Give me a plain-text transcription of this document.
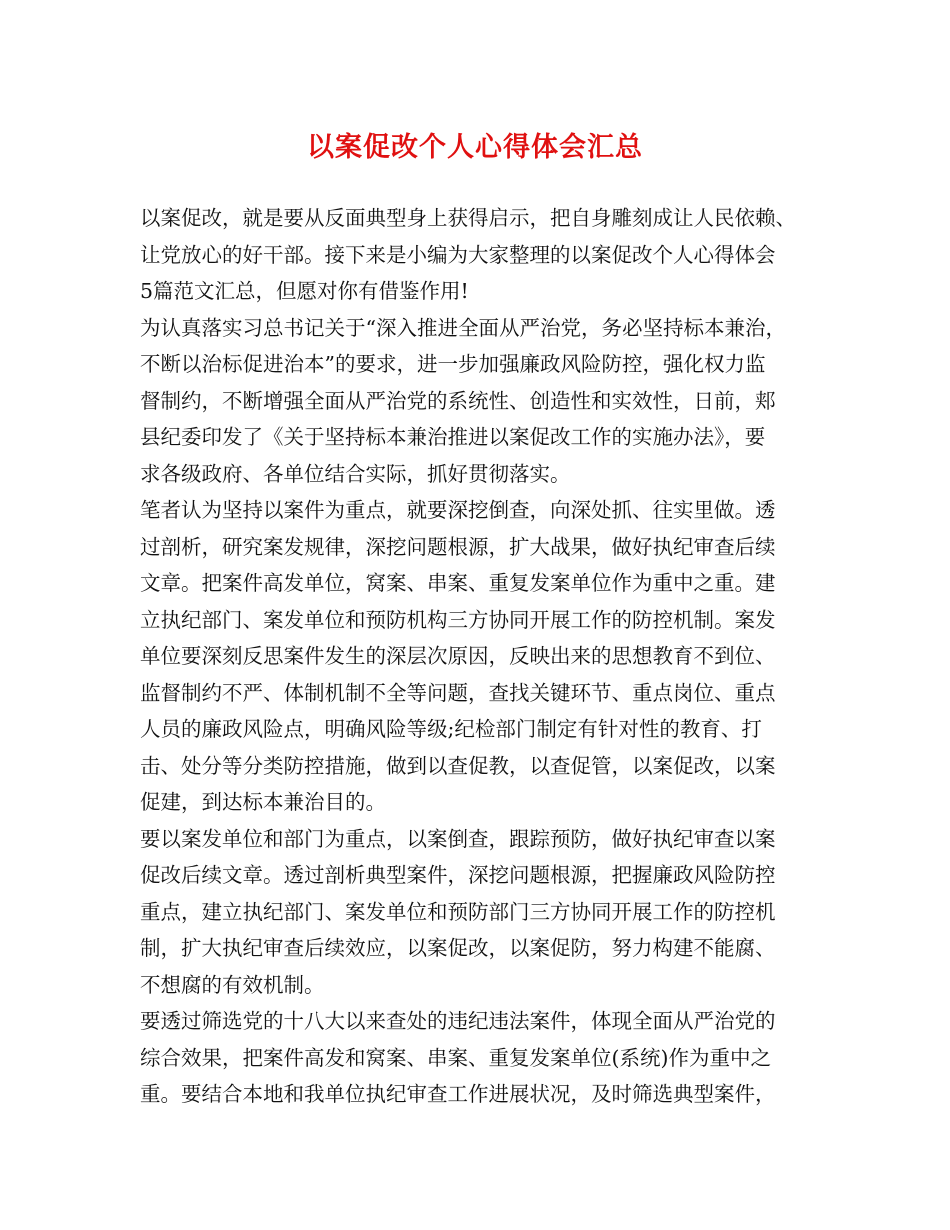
以案促改个人心得体会汇总
以案促改，就是要从反面典型身上获得启示，把自身雕刻成让人民依赖、
让党放心的好干部。接下来是小编为大家整理的以案促改个人心得体会
5篇范文汇总，但愿对你有借鉴作用!
为认真落实习总书记关于“深入推进全面从严治党，务必坚持标本兼治，
不断以治标促进治本”的要求，进一步加强廉政风险防控，强化权力监
督制约，不断增强全面从严治党的系统性、创造性和实效性，日前，郏
县纪委印发了《关于坚持标本兼治推进以案促改工作的实施办法》，要
求各级政府、各单位结合实际，抓好贯彻落实。
笔者认为坚持以案件为重点，就要深挖倒查，向深处抓、往实里做。透
过剖析，研究案发规律，深挖问题根源，扩大战果，做好执纪审查后续
文章。把案件高发单位，窝案、串案、重复发案单位作为重中之重。建
立执纪部门、案发单位和预防机构三方协同开展工作的防控机制。案发
单位要深刻反思案件发生的深层次原因，反映出来的思想教育不到位、
监督制约不严、体制机制不全等问题，查找关键环节、重点岗位、重点
人员的廉政风险点，明确风险等级;纪检部门制定有针对性的教育、打
击、处分等分类防控措施，做到以查促教，以查促管，以案促改，以案
促建，到达标本兼治目的。
要以案发单位和部门为重点，以案倒查，跟踪预防，做好执纪审查以案
促改后续文章。透过剖析典型案件，深挖问题根源，把握廉政风险防控
重点，建立执纪部门、案发单位和预防部门三方协同开展工作的防控机
制，扩大执纪审查后续效应，以案促改，以案促防，努力构建不能腐、
不想腐的有效机制。
要透过筛选党的十八大以来查处的违纪违法案件，体现全面从严治党的
综合效果，把案件高发和窝案、串案、重复发案单位(系统)作为重中之
重。要结合本地和我单位执纪审查工作进展状况，及时筛选典型案件，
